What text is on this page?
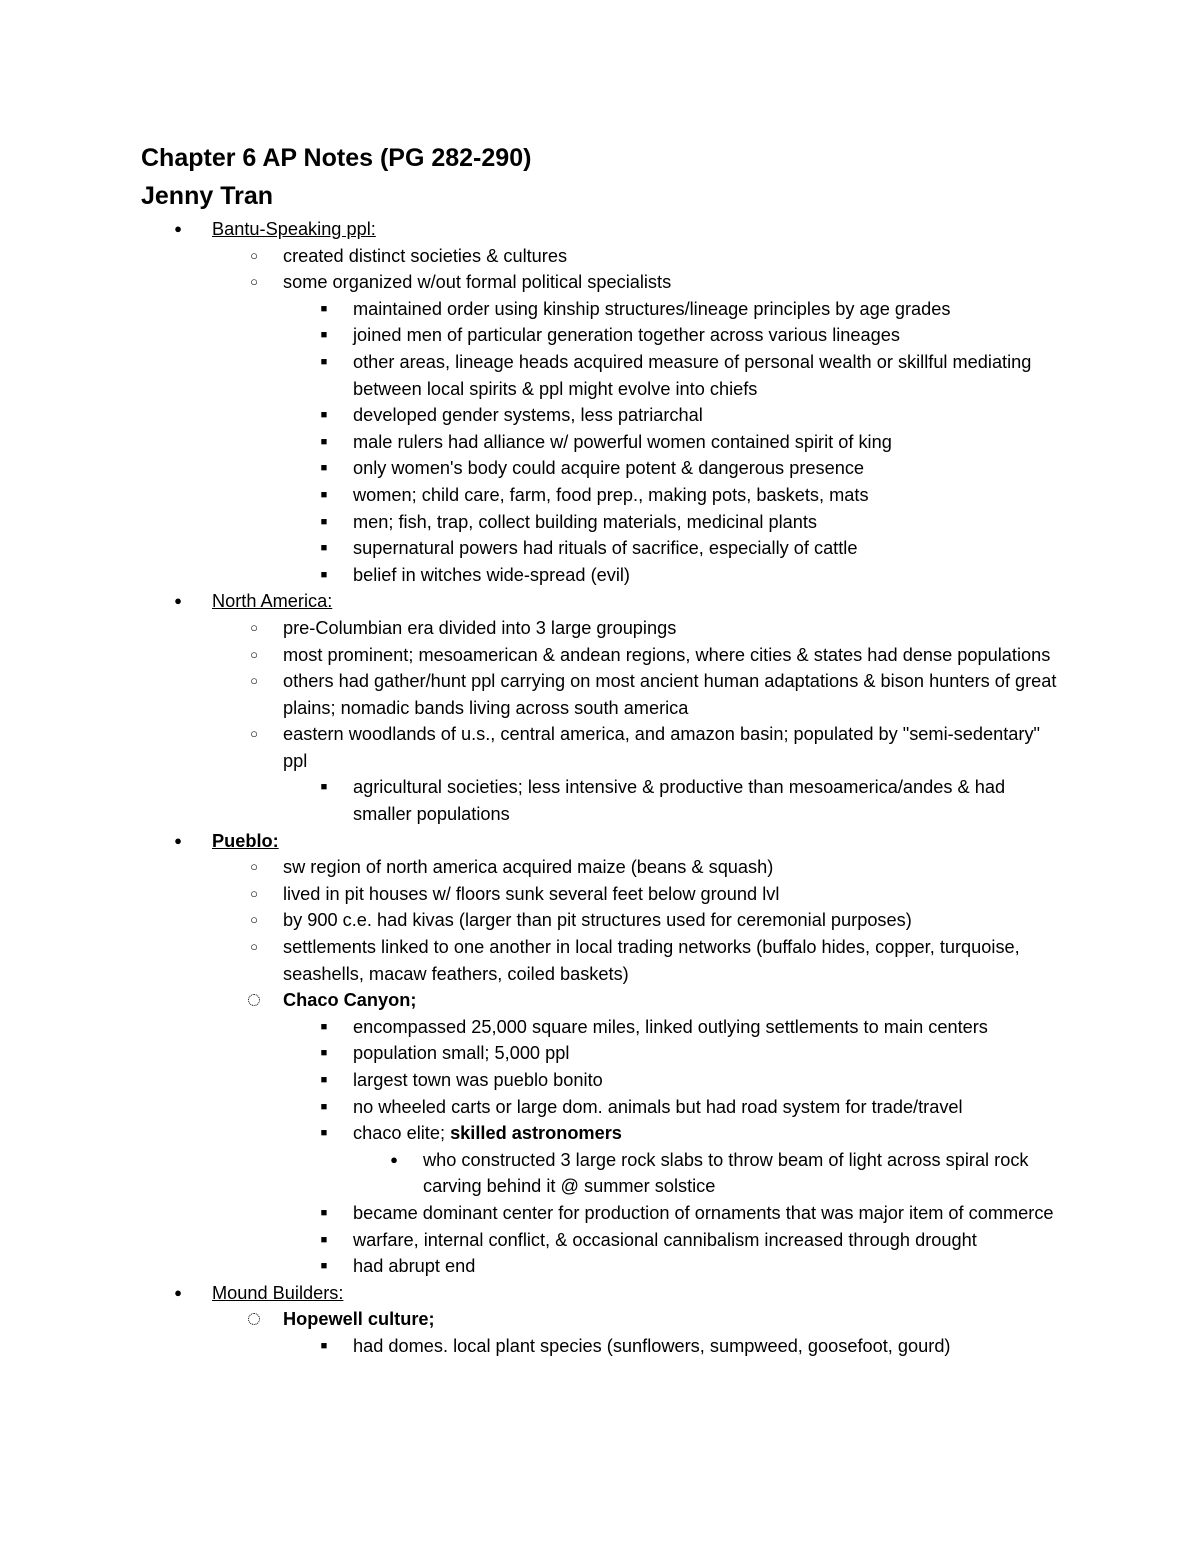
Chapter 6 AP Notes (PG 282-290)
Jenny Tran
● Bantu-Speaking ppl:
○ created distinct societies & cultures
○ some organized w/out formal political specialists
■ maintained order using kinship structures/lineage principles by age grades
■ joined men of particular generation together across various lineages
■ other areas, lineage heads acquired measure of personal wealth or skillful mediating between local spirits & ppl might evolve into chiefs
■ developed gender systems, less patriarchal
■ male rulers had alliance w/ powerful women contained spirit of king
■ only women's body could acquire potent & dangerous presence
■ women; child care, farm, food prep., making pots, baskets, mats
■ men; fish, trap, collect building materials, medicinal plants
■ supernatural powers had rituals of sacrifice, especially of cattle
■ belief in witches wide-spread (evil)
● North America:
○ pre-Columbian era divided into 3 large groupings
○ most prominent; mesoamerican & andean regions, where cities & states had dense populations
○ others had gather/hunt ppl carrying on most ancient human adaptations & bison hunters of great plains; nomadic bands living across south america
○ eastern woodlands of u.s., central america, and amazon basin; populated by "semi-sedentary" ppl
■ agricultural societies; less intensive & productive than mesoamerica/andes & had smaller populations
● Pueblo:
○ sw region of north america acquired maize (beans & squash)
○ lived in pit houses w/ floors sunk several feet below ground lvl
○ by 900 c.e. had kivas (larger than pit structures used for ceremonial purposes)
○ settlements linked to one another in local trading networks (buffalo hides, copper, turquoise, seashells, macaw feathers, coiled baskets)
Chaco Canyon;
■ encompassed 25,000 square miles, linked outlying settlements to main centers
■ population small; 5,000 ppl
■ largest town was pueblo bonito
■ no wheeled carts or large dom. animals but had road system for trade/travel
■ chaco elite; skilled astronomers
● who constructed 3 large rock slabs to throw beam of light across spiral rock carving behind it @ summer solstice
■ became dominant center for production of ornaments that was major item of commerce
■ warfare, internal conflict, & occasional cannibalism increased through drought
■ had abrupt end
● Mound Builders:
Hopewell culture;
■ had domes. local plant species (sunflowers, sumpweed, goosefoot, gourd)
